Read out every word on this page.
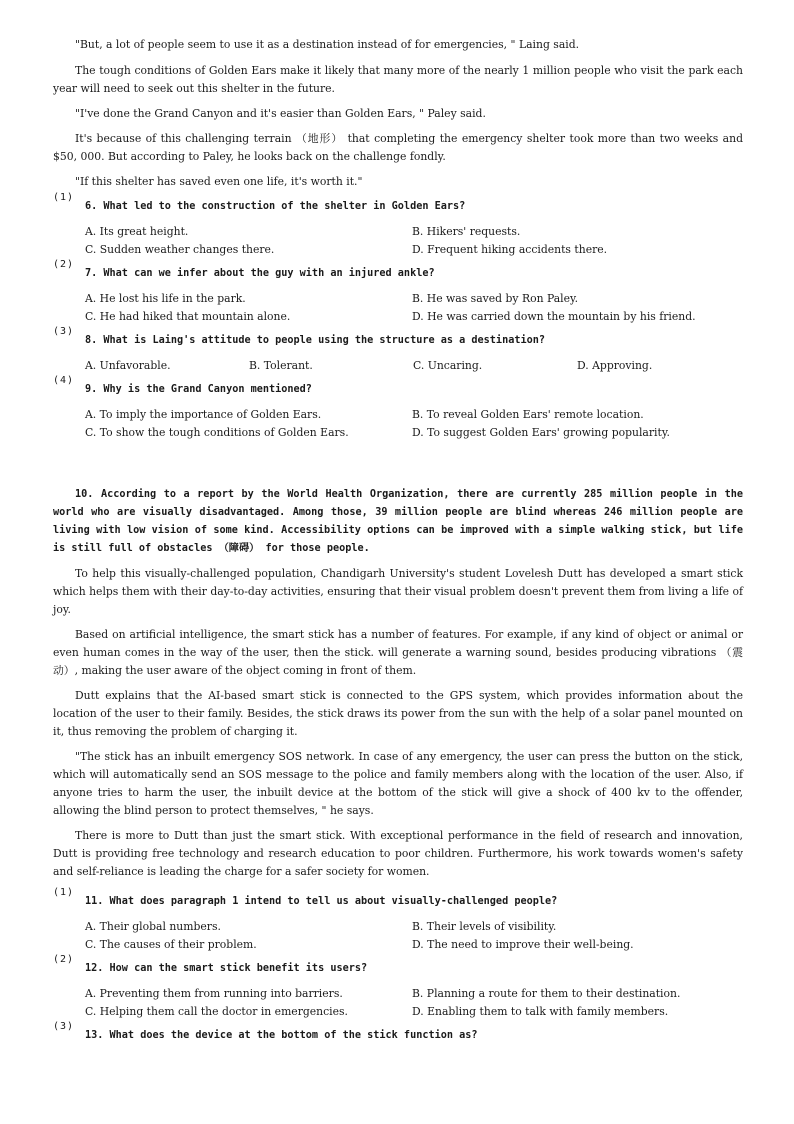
"But, a lot of people seem to use it as a destination instead of for emergencies, " Laing said.

The tough conditions of Golden Ears make it likely that many more of the nearly 1 million people who visit the park each year will need to seek out this shelter in the future.

"I've done the Grand Canyon and it's easier than Golden Ears, " Paley said.

It's because of this challenging terrain （地形） that completing the emergency shelter took more than two weeks and $50, 000. But according to Paley, he looks back on the challenge fondly.

"If this shelter has saved even one life, it's worth it."

(1)
6. What led to the construction of the shelter in Golden Ears?
A. Its great height.	B. Hikers' requests.
C. Sudden weather changes there.	D. Frequent hiking accidents there.
(2)
7. What can we infer about the guy with an injured ankle?
A. He lost his life in the park.	B. He was saved by Ron Paley.
C. He had hiked that mountain alone.	D. He was carried down the mountain by his friend.
(3)
8. What is Laing's attitude to people using the structure as a destination?
A. Unfavorable.	B. Tolerant.	C. Uncaring.	D. Approving.
(4)
9. Why is the Grand Canyon mentioned?
A. To imply the importance of Golden Ears.	B. To reveal Golden Ears' remote location.
C. To show the tough conditions of Golden Ears.	D. To suggest Golden Ears' growing popularity.

10. According to a report by the World Health Organization, there are currently 285 million people in the world who are visually disadvantaged. Among those, 39 million people are blind whereas 246 million people are living with low vision of some kind. Accessibility options can be improved with a simple walking stick, but life is still full of obstacles （障碍） for those people.

To help this visually-challenged population, Chandigarh University's student Lovelesh Dutt has developed a smart stick which helps them with their day-to-day activities, ensuring that their visual problem doesn't prevent them from living a life of joy.

Based on artificial intelligence, the smart stick has a number of features. For example, if any kind of object or animal or even human comes in the way of the user, then the stick. will generate a warning sound, besides producing vibrations （震动）, making the user aware of the object coming in front of them.

Dutt explains that the AI-based smart stick is connected to the GPS system, which provides information about the location of the user to their family. Besides, the stick draws its power from the sun with the help of a solar panel mounted on it, thus removing the problem of charging it.

"The stick has an inbuilt emergency SOS network. In case of any emergency, the user can press the button on the stick, which will automatically send an SOS message to the police and family members along with the location of the user. Also, if anyone tries to harm the user, the inbuilt device at the bottom of the stick will give a shock of 400 kv to the offender, allowing the blind person to protect themselves, " he says.

There is more to Dutt than just the smart stick. With exceptional performance in the field of research and innovation, Dutt is providing free technology and research education to poor children. Furthermore, his work towards women's safety and self-reliance is leading the charge for a safer society for women.

(1)
11. What does paragraph 1 intend to tell us about visually-challenged people?
A. Their global numbers.	B. Their levels of visibility.
C. The causes of their problem.	D. The need to improve their well-being.
(2)
12. How can the smart stick benefit its users?
A. Preventing them from running into barriers.	B. Planning a route for them to their destination.
C. Helping them call the doctor in emergencies.	D. Enabling them to talk with family members.
(3)
13. What does the device at the bottom of the stick function as?
